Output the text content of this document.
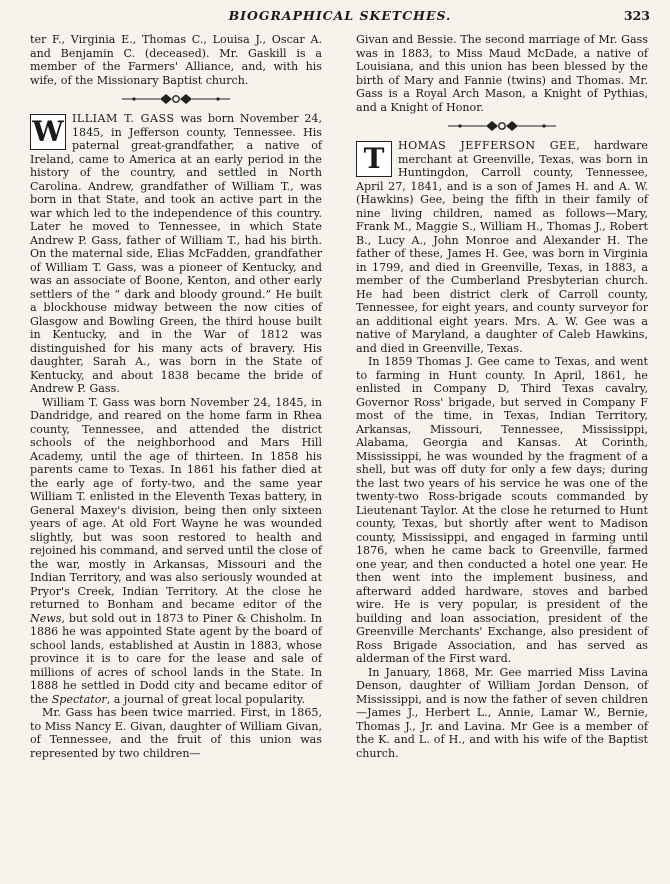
BIOGRAPHICAL SKETCHES.	323

ter F., Virginia E., Thomas C., Louisa J., Oscar A. and Benjamin C. (deceased). Mr. Gaskill is a member of the Farmers' Alliance, and, with his wife, of the Missionary Baptist church.

W ILLIAM T. GASS was born November 24, 1845, in Jefferson county, Tennessee. His paternal great-grandfather, a native of Ireland, came to America at an early period in the history of the country, and settled in North Carolina. Andrew, grandfather of William T., was born in that State, and took an active part in the war which led to the independence of this country. Later he moved to Tennessee, in which State Andrew P. Gass, father of William T., had his birth. On the maternal side, Elias McFadden, grandfather of William T. Gass, was a pioneer of Kentucky, and was an associate of Boone, Kenton, and other early settlers of the “ dark and bloody ground.” He built a blockhouse midway between the now cities of Glasgow and Bowling Green, the third house built in Kentucky, and in the War of 1812 was distinguished for his many acts of bravery. His daughter, Sarah A., was born in the State of Kentucky, and about 1838 became the bride of Andrew P. Gass.

William T. Gass was born November 24, 1845, in Dandridge, and reared on the home farm in Rhea county, Tennessee, and attended the district schools of the neighborhood and Mars Hill Academy, until the age of thirteen. In 1858 his parents came to Texas. In 1861 his father died at the early age of forty-two, and the same year William T. enlisted in the Eleventh Texas battery, in General Maxey's division, being then only sixteen years of age. At old Fort Wayne he was wounded slightly, but was soon restored to health and rejoined his command, and served until the close of the war, mostly in Arkansas, Missouri and the Indian Territory, and was also seriously wounded at Pryor's Creek, Indian Territory. At the close he returned to Bonham and became editor of the News, but sold out in 1873 to Piner & Chisholm. In 1886 he was appointed State agent by the board of school lands, established at Austin in 1883, whose province it is to care for the lease and sale of millions of acres of school lands in the State. In 1888 he settled in Dodd city and became editor of the Spectator, a journal of great local popularity.

Mr. Gass has been twice married. First, in 1865, to Miss Nancy E. Givan, daughter of William Givan, of Tennessee, and the fruit of this union was represented by two children—

Givan and Bessie. The second marriage of Mr. Gass was in 1883, to Miss Maud McDade, a native of Louisiana, and this union has been blessed by the birth of Mary and Fannie (twins) and Thomas. Mr. Gass is a Royal Arch Mason, a Knight of Pythias, and a Knight of Honor.

T	HOMAS JEFFERSON GEE, hardware merchant at Greenville, Texas, was born in Huntingdon, Carroll county, Tennessee, April 27, 1841, and is a son of James H. and A. W. (Hawkins) Gee, being the fifth in their family of nine living children, named as follows—Mary, Frank M., Maggie S., William H., Thomas J., Robert B., Lucy A., John Monroe and Alexander H. The father of these, James H. Gee, was born in Virginia in 1799, and died in Greenville, Texas, in 1883, a member of the Cumberland Presbyterian church. He had been district clerk of Carroll county, Tennessee, for eight years, and county surveyor for an additional eight years. Mrs. A. W. Gee was a native of Maryland, a daughter of Caleb Hawkins, and died in Greenville, Texas.

In 1859 Thomas J. Gee came to Texas, and went to farming in Hunt county. In April, 1861, he enlisted in Company D, Third Texas cavalry, Governor Ross' brigade, but served in Company F most of the time, in Texas, Indian Territory, Arkansas, Missouri, Tennessee, Mississippi, Alabama, Georgia and Kansas. At Corinth, Mississippi, he was wounded by the fragment of a shell, but was off duty for only a few days; during the last two years of his service he was one of the twenty-two Ross-brigade scouts commanded by Lieutenant Taylor. At the close he returned to Hunt county, Texas, but shortly after went to Madison county, Mississippi, and engaged in farming until 1876, when he came back to Greenville, farmed one year, and then conducted a hotel one year. He then went into the implement business, and afterward added hardware, stoves and barbed wire. He is very popular, is president of the building and loan association, president of the Greenville Merchants' Exchange, also president of Ross Brigade Association, and has served as alderman of the First ward.

In January, 1868, Mr. Gee married Miss Lavina Denson, daughter of William Jordan Denson, of Mississippi, and is now the father of seven children—James J., Herbert L., Annie, Lamar W., Bernie, Thomas J., Jr. and Lavina. Mr Gee is a member of the K. and L. of H., and with his wife of the Baptist church.
